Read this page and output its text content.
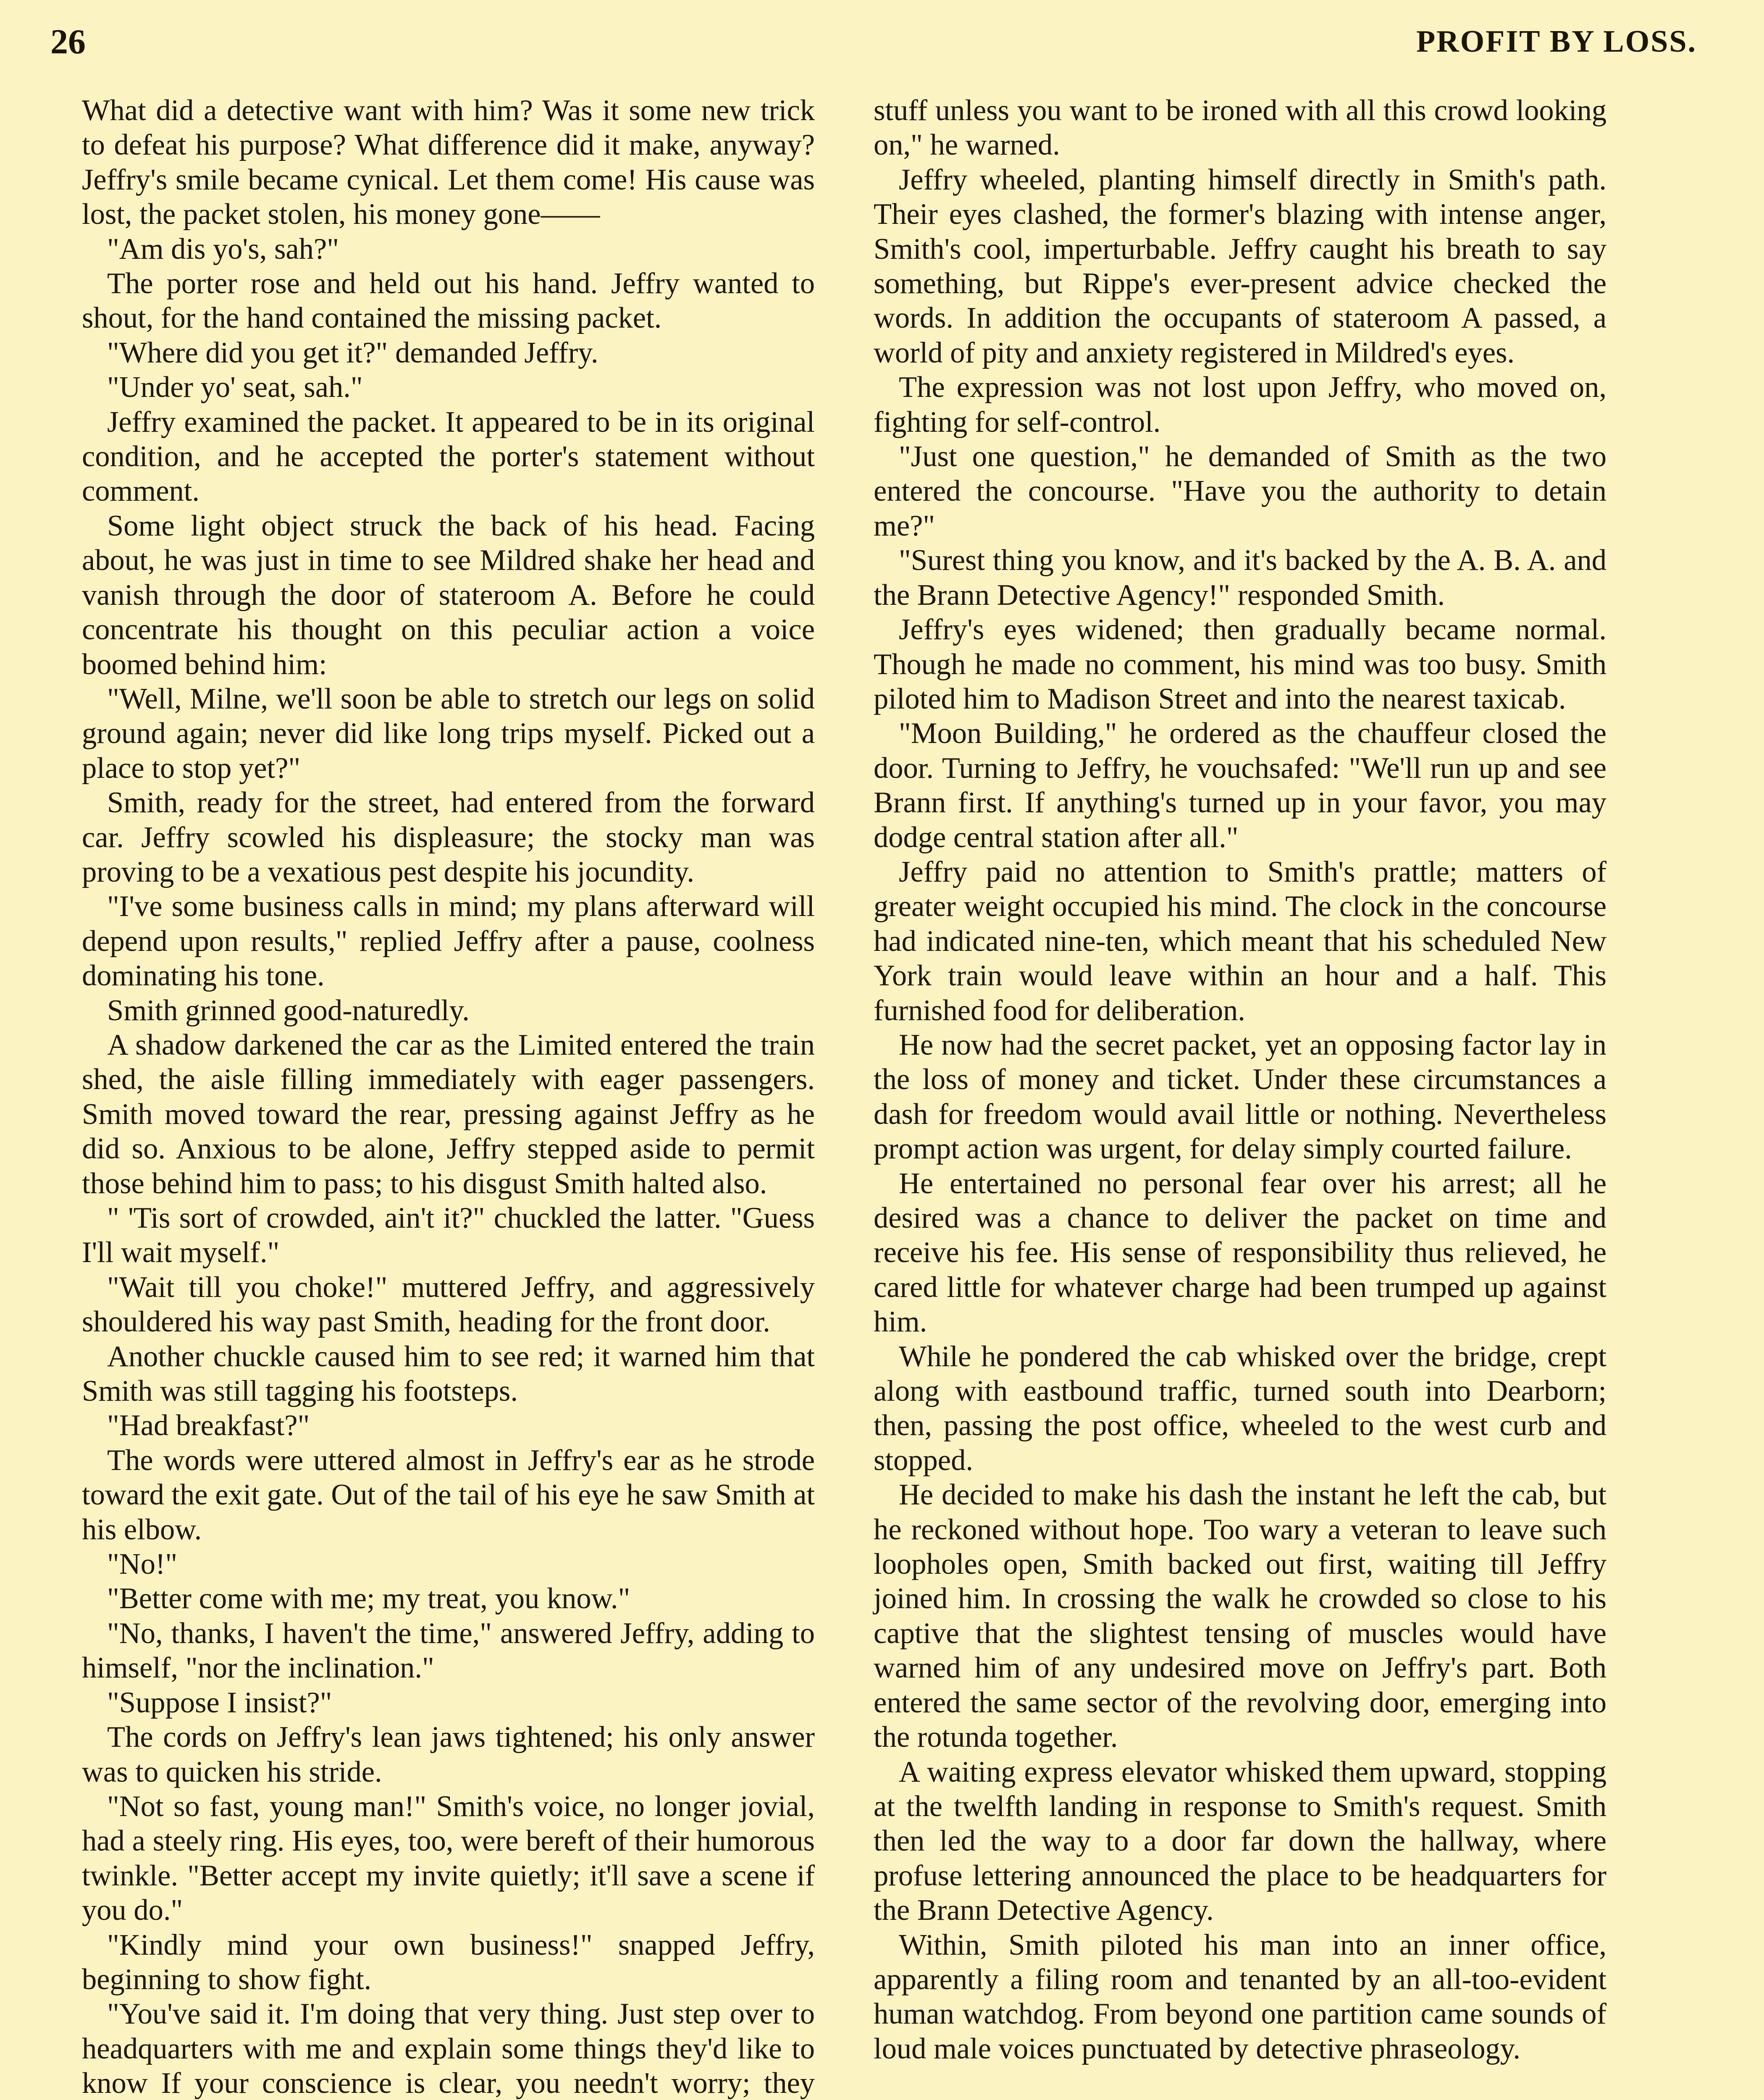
26	PROFIT BY LOSS.

What did a detective want with him? Was it some new trick to defeat his purpose? What difference did it make, anyway? Jeffry's smile became cynical. Let them come! His cause was lost, the packet stolen, his money gone——

"Am dis yo's, sah?"

The porter rose and held out his hand. Jeffry wanted to shout, for the hand contained the missing packet.

"Where did you get it?" demanded Jeffry.

"Under yo' seat, sah."

Jeffry examined the packet. It appeared to be in its original condition, and he accepted the porter's statement without comment.

Some light object struck the back of his head. Facing about, he was just in time to see Mildred shake her head and vanish through the door of stateroom A. Before he could concentrate his thought on this peculiar action a voice boomed behind him:

"Well, Milne, we'll soon be able to stretch our legs on solid ground again; never did like long trips myself. Picked out a place to stop yet?"

Smith, ready for the street, had entered from the forward car. Jeffry scowled his displeasure; the stocky man was proving to be a vexatious pest despite his jocundity.

"I've some business calls in mind; my plans afterward will depend upon results," replied Jeffry after a pause, coolness dominating his tone.

Smith grinned good-naturedly.

A shadow darkened the car as the Limited entered the train shed, the aisle filling immediately with eager passengers. Smith moved toward the rear, pressing against Jeffry as he did so. Anxious to be alone, Jeffry stepped aside to permit those behind him to pass; to his disgust Smith halted also.

" 'Tis sort of crowded, ain't it?" chuckled the latter. "Guess I'll wait myself."

"Wait till you choke!" muttered Jeffry, and aggressively shouldered his way past Smith, heading for the front door.

Another chuckle caused him to see red; it warned him that Smith was still tagging his footsteps.

"Had breakfast?"

The words were uttered almost in Jeffry's ear as he strode toward the exit gate. Out of the tail of his eye he saw Smith at his elbow.

"No!"

"Better come with me; my treat, you know."

"No, thanks, I haven't the time," answered Jeffry, adding to himself, "nor the inclination."

"Suppose I insist?"

The cords on Jeffry's lean jaws tightened; his only answer was to quicken his stride.

"Not so fast, young man!" Smith's voice, no longer jovial, had a steely ring. His eyes, too, were bereft of their humorous twinkle. "Better accept my invite quietly; it'll save a scene if you do."

"Kindly mind your own business!" snapped Jeffry, beginning to show fight.

"You've said it. I'm doing that very thing. Just step over to headquarters with me and explain some things they'd like to know If your conscience is clear, you needn't worry; they

stuff unless you want to be ironed with all this crowd looking on," he warned.

Jeffry wheeled, planting himself directly in Smith's path. Their eyes clashed, the former's blazing with intense anger, Smith's cool, imperturbable. Jeffry caught his breath to say something, but Rippe's ever-present advice checked the words. In addition the occupants of stateroom A passed, a world of pity and anxiety registered in Mildred's eyes.

The expression was not lost upon Jeffry, who moved on, fighting for self-control.

"Just one question," he demanded of Smith as the two entered the concourse. "Have you the authority to detain me?"

"Surest thing you know, and it's backed by the A. B. A. and the Brann Detective Agency!" responded Smith.

Jeffry's eyes widened; then gradually became normal. Though he made no comment, his mind was too busy. Smith piloted him to Madison Street and into the nearest taxicab.

"Moon Building," he ordered as the chauffeur closed the door. Turning to Jeffry, he vouchsafed: "We'll run up and see Brann first. If anything's turned up in your favor, you may dodge central station after all."

Jeffry paid no attention to Smith's prattle; matters of greater weight occupied his mind. The clock in the concourse had indicated nine-ten, which meant that his scheduled New York train would leave within an hour and a half. This furnished food for deliberation.

He now had the secret packet, yet an opposing factor lay in the loss of money and ticket. Under these circumstances a dash for freedom would avail little or nothing. Nevertheless prompt action was urgent, for delay simply courted failure.

He entertained no personal fear over his arrest; all he desired was a chance to deliver the packet on time and receive his fee. His sense of responsibility thus relieved, he cared little for whatever charge had been trumped up against him.

While he pondered the cab whisked over the bridge, crept along with eastbound traffic, turned south into Dearborn; then, passing the post office, wheeled to the west curb and stopped.

He decided to make his dash the instant he left the cab, but he reckoned without hope. Too wary a veteran to leave such loopholes open, Smith backed out first, waiting till Jeffry joined him. In crossing the walk he crowded so close to his captive that the slightest tensing of muscles would have warned him of any undesired move on Jeffry's part. Both entered the same sector of the revolving door, emerging into the rotunda together.

A waiting express elevator whisked them upward, stopping at the twelfth landing in response to Smith's request. Smith then led the way to a door far down the hallway, where profuse lettering announced the place to be headquarters for the Brann Detective Agency.

Within, Smith piloted his man into an inner office, apparently a filing room and tenanted by an all-too-evident human watchdog. From beyond one partition came sounds of loud male voices punctuated by detective phraseology.
